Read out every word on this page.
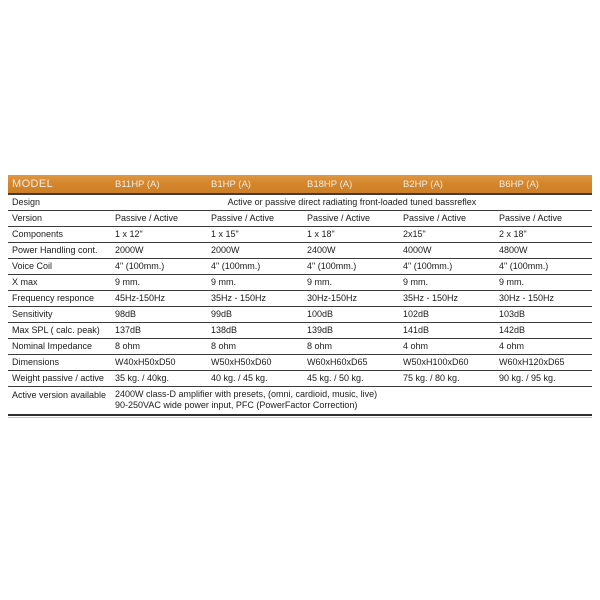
MODEL	B11HP (A)	B1HP (A)	B18HP (A)	B2HP (A)	B6HP (A)
Design	Active or passive direct radiating front-loaded tuned bassreflex				
Version	Passive / Active	Passive / Active	Passive / Active	Passive / Active	Passive / Active
Components	1 x 12"	1 x 15"	1 x 18"	2x15"	2 x 18"
Power Handling cont.	2000W	2000W	2400W	4000W	4800W
Voice Coil	4" (100mm.)	4" (100mm.)	4" (100mm.)	4" (100mm.)	4" (100mm.)
X max	9 mm.	9 mm.	9 mm.	9 mm.	9 mm.
Frequency responce	45Hz-150Hz	35Hz - 150Hz	30Hz-150Hz	35Hz - 150Hz	30Hz - 150Hz
Sensitivity	98dB	99dB	100dB	102dB	103dB
Max SPL ( calc. peak)	137dB	138dB	139dB	141dB	142dB
Nominal Impedance	8 ohm	8 ohm	8 ohm	4 ohm	4 ohm
Dimensions	W40xH50xD50	W50xH50xD60	W60xH60xD65	W50xH100xD60	W60xH120xD65
Weight passive / active	35 kg. / 40kg.	40 kg. / 45 kg.	45 kg. / 50 kg.	75 kg. / 80 kg.	90 kg. / 95 kg.
Active version available	2400W class-D amplifier with presets, (omni, cardioid, music, live)
90-250VAC wide power input, PFC (PowerFactor Correction)				
